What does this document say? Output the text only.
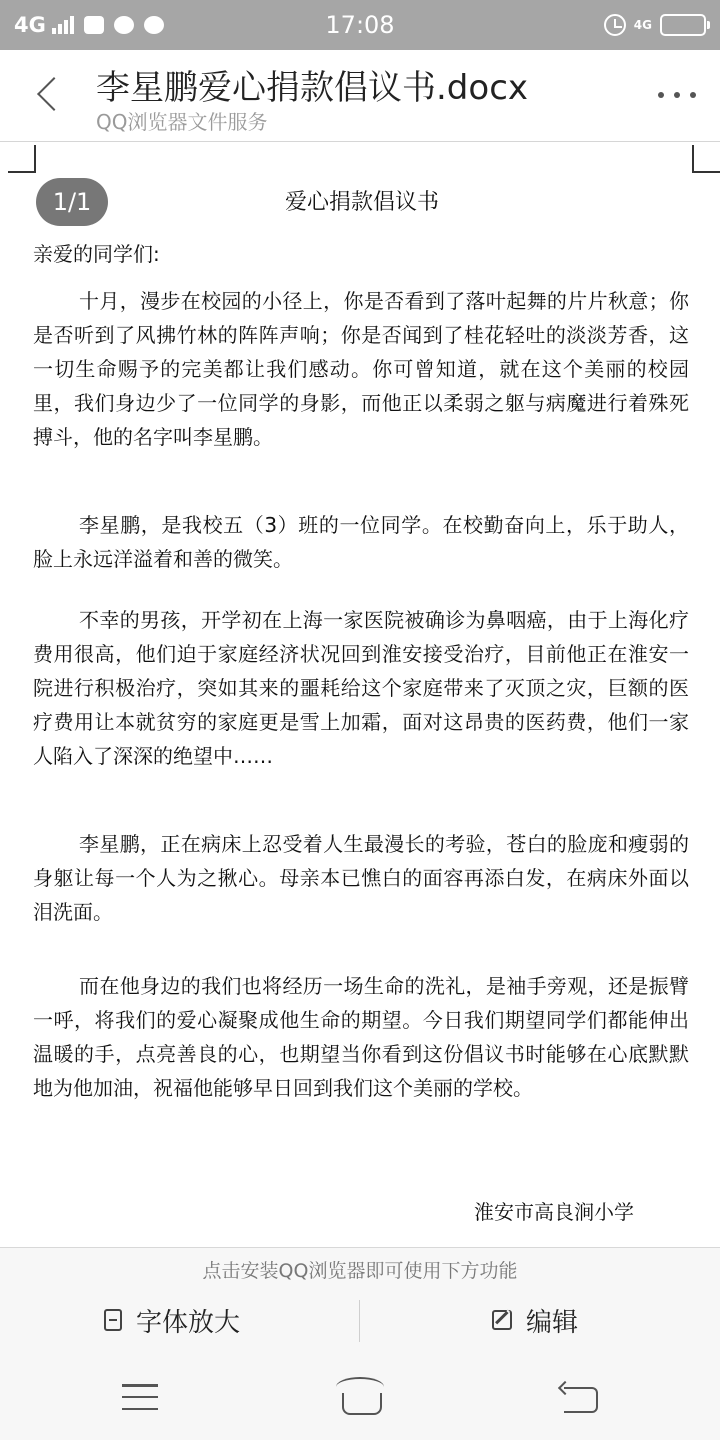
4G	17:08	4G
李星鹏爱心捐款倡议书.docx
QQ浏览器文件服务
爱心捐款倡议书
1/1
亲爱的同学们:

十月，漫步在校园的小径上，你是否看到了落叶起舞的片片秋意；你是否听到了风拂竹林的阵阵声响；你是否闻到了桂花轻吐的淡淡芳香，这一切生命赐予的完美都让我们感动。你可曾知道，就在这个美丽的校园里，我们身边少了一位同学的身影，而他正以柔弱之躯与病魔进行着殊死搏斗，他的名字叫李星鹏。

李星鹏，是我校五（3）班的一位同学。在校勤奋向上，乐于助人，脸上永远洋溢着和善的微笑。

不幸的男孩，开学初在上海一家医院被确诊为鼻咽癌，由于上海化疗费用很高，他们迫于家庭经济状况回到淮安接受治疗，目前他正在淮安一院进行积极治疗，突如其来的噩耗给这个家庭带来了灭顶之灾，巨额的医疗费用让本就贫穷的家庭更是雪上加霜，面对这昂贵的医药费，他们一家人陷入了深深的绝望中……

李星鹏，正在病床上忍受着人生最漫长的考验，苍白的脸庞和瘦弱的身躯让每一个人为之揪心。母亲本已憔白的面容再添白发，在病床外面以泪洗面。

而在他身边的我们也将经历一场生命的洗礼，是袖手旁观，还是振臂一呼，将我们的爱心凝聚成他生命的期望。今日我们期望同学们都能伸出温暖的手，点亮善良的心，也期望当你看到这份倡议书时能够在心底默默地为他加油，祝福他能够早日回到我们这个美丽的学校。

淮安市高良涧小学
点击安装QQ浏览器即可使用下方功能
字体放大	编辑
